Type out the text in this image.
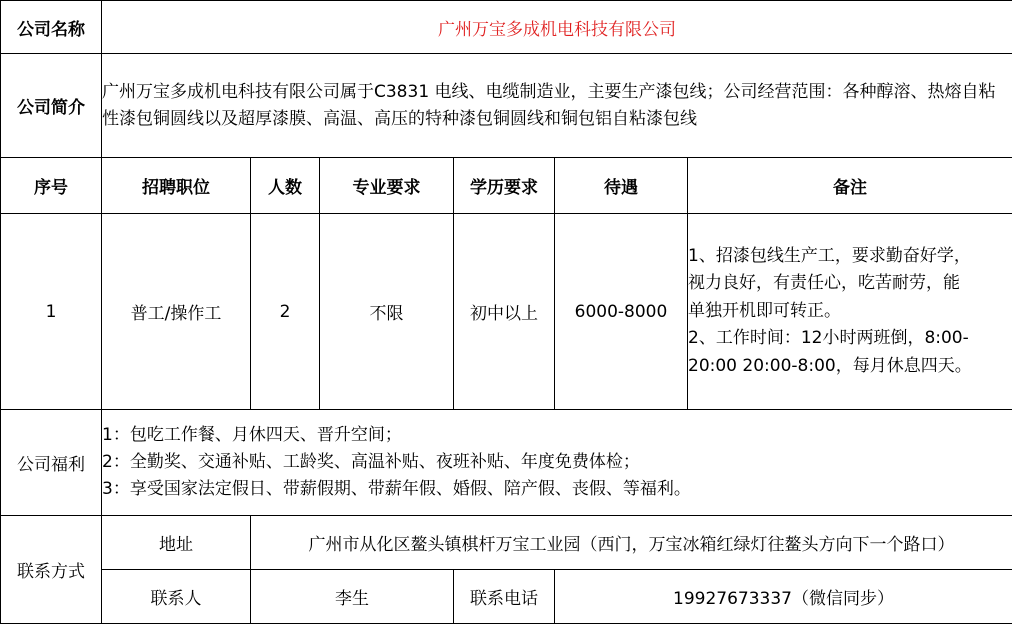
公司名称	广州万宝多成机电科技有限公司					
公司简介	广州万宝多成机电科技有限公司属于C3831 电线、电缆制造业，主要生产漆包线；公司经营范围：各种醇溶、热熔自粘性漆包铜圆线以及超厚漆膜、高温、高压的特种漆包铜圆线和铜包铝自粘漆包线					
序号	招聘职位	人数	专业要求	学历要求	待遇	备注
1	普工/操作工	2	不限	初中以上	6000-8000	1、招漆包线生产工，要求勤奋好学，
视力良好，有责任心，吃苦耐劳，能
单独开机即可转正。
2、工作时间：12小时两班倒，8:00-
20:00 20:00-8:00，每月休息四天。

公司福利	1：包吃工作餐、月休四天、晋升空间；
2：全勤奖、交通补贴、工龄奖、高温补贴、夜班补贴、年度免费体检；
3：享受国家法定假日、带薪假期、带薪年假、婚假、陪产假、丧假、等福利。					

联系方式	地址	广州市从化区鳌头镇棋杆万宝工业园（西门，万宝冰箱红绿灯往鳌头方向下一个路口）				
	联系人	李生		联系电话	19927673337（微信同步）	
